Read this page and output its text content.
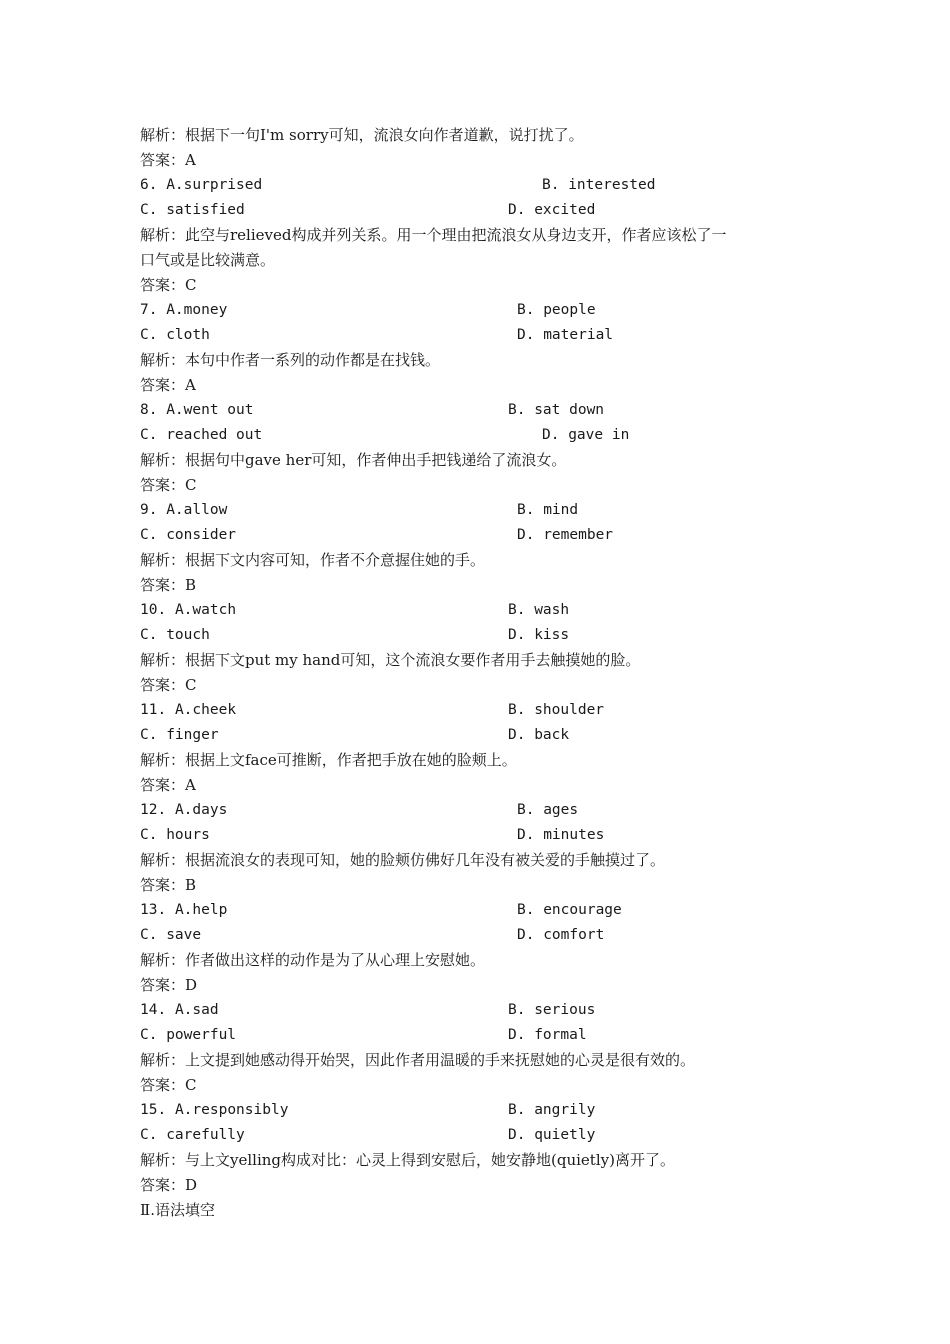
解析：根据下一句I'm sorry可知，流浪女向作者道歉，说打扰了。
答案：A
6. A.surprised	B. interested
C. satisfied	D. excited
解析：此空与relieved构成并列关系。用一个理由把流浪女从身边支开，作者应该松了一
口气或是比较满意。
答案：C
7. A.money	B. people
C. cloth	D. material
解析：本句中作者一系列的动作都是在找钱。
答案：A
8. A.went out	B. sat down
C. reached out	D. gave in
解析：根据句中gave her可知，作者伸出手把钱递给了流浪女。
答案：C
9. A.allow	B. mind
C. consider	D. remember
解析：根据下文内容可知，作者不介意握住她的手。
答案：B
10. A.watch	B. wash
C. touch	D. kiss
解析：根据下文put my hand可知，这个流浪女要作者用手去触摸她的脸。
答案：C
11. A.cheek	B. shoulder
C. finger	D. back
解析：根据上文face可推断，作者把手放在她的脸颊上。
答案：A
12. A.days	B. ages
C. hours	D. minutes
解析：根据流浪女的表现可知，她的脸颊仿佛好几年没有被关爱的手触摸过了。
答案：B
13. A.help	B. encourage
C. save	D. comfort
解析：作者做出这样的动作是为了从心理上安慰她。
答案：D
14. A.sad	B. serious
C. powerful	D. formal
解析：上文提到她感动得开始哭，因此作者用温暖的手来抚慰她的心灵是很有效的。
答案：C
15. A.responsibly	B. angrily
C. carefully	D. quietly
解析：与上文yelling构成对比：心灵上得到安慰后，她安静地(quietly)离开了。
答案：D
Ⅱ.语法填空
